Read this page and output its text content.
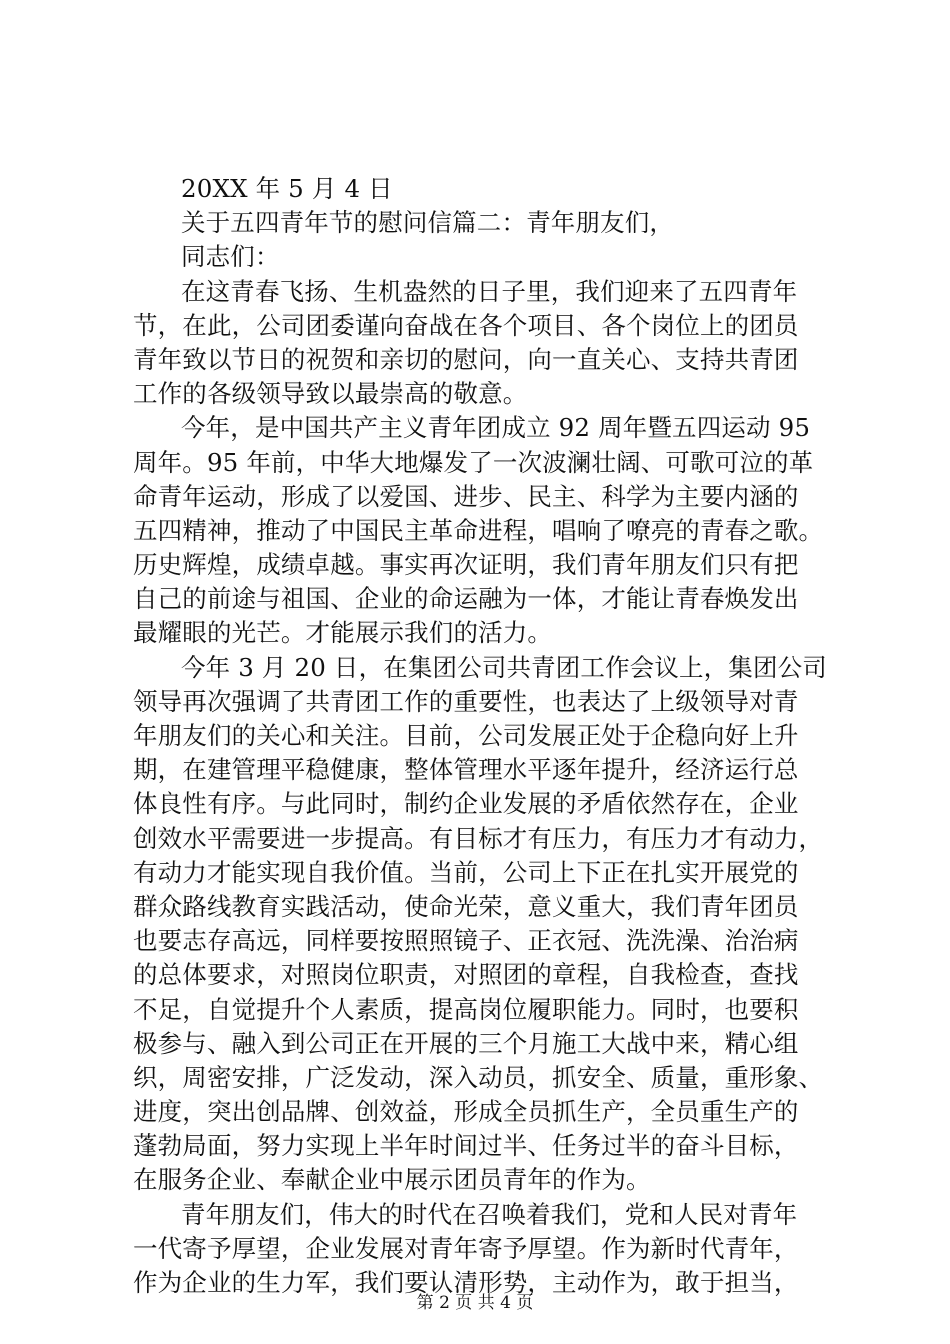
20XX 年 5 月 4 日
关于五四青年节的慰问信篇二：青年朋友们，
同志们：
在这青春飞扬、生机盎然的日子里，我们迎来了五四青年
节，在此，公司团委谨向奋战在各个项目、各个岗位上的团员
青年致以节日的祝贺和亲切的慰问，向一直关心、支持共青团
工作的各级领导致以最崇高的敬意。
今年，是中国共产主义青年团成立 92 周年暨五四运动 95
周年。95 年前，中华大地爆发了一次波澜壮阔、可歌可泣的革
命青年运动，形成了以爱国、进步、民主、科学为主要内涵的
五四精神，推动了中国民主革命进程，唱响了嘹亮的青春之歌。
历史辉煌，成绩卓越。事实再次证明，我们青年朋友们只有把
自己的前途与祖国、企业的命运融为一体，才能让青春焕发出
最耀眼的光芒。才能展示我们的活力。
今年 3 月 20 日，在集团公司共青团工作会议上，集团公司
领导再次强调了共青团工作的重要性，也表达了上级领导对青
年朋友们的关心和关注。目前，公司发展正处于企稳向好上升
期，在建管理平稳健康，整体管理水平逐年提升，经济运行总
体良性有序。与此同时，制约企业发展的矛盾依然存在，企业
创效水平需要进一步提高。有目标才有压力，有压力才有动力，
有动力才能实现自我价值。当前，公司上下正在扎实开展党的
群众路线教育实践活动，使命光荣，意义重大，我们青年团员
也要志存高远，同样要按照照镜子、正衣冠、洗洗澡、治治病
的总体要求，对照岗位职责，对照团的章程，自我检查，查找
不足，自觉提升个人素质，提高岗位履职能力。同时，也要积
极参与、融入到公司正在开展的三个月施工大战中来，精心组
织，周密安排，广泛发动，深入动员，抓安全、质量，重形象、
进度，突出创品牌、创效益，形成全员抓生产，全员重生产的
蓬勃局面，努力实现上半年时间过半、任务过半的奋斗目标，
在服务企业、奉献企业中展示团员青年的作为。
青年朋友们，伟大的时代在召唤着我们，党和人民对青年
一代寄予厚望，企业发展对青年寄予厚望。作为新时代青年，
作为企业的生力军，我们要认清形势，主动作为，敢于担当，
第 2 页 共 4 页
